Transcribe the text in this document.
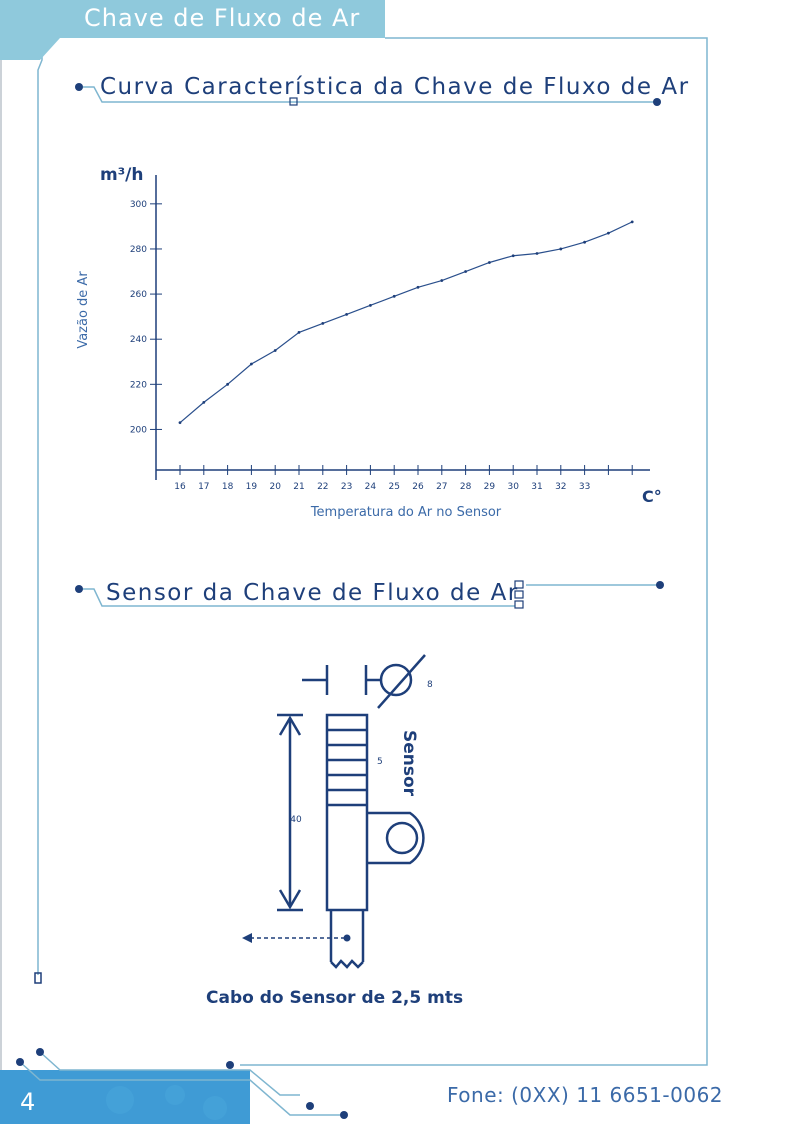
Chave de Fluxo de Ar
Curva Característica da Chave de Fluxo de Ar
200
220
240
260
280
300
16 17 18 19 20 21 22 23 24 25 26 27 28 29 30 31 32 33
m³/h
C°
Vazão de Ar
Temperatura do Ar no Sensor
Sensor da Chave de Fluxo de Ar
8
5
40
Sensor
Cabo do Sensor de 2,5 mts
4	Fone: (0XX) 11 6651-0062
